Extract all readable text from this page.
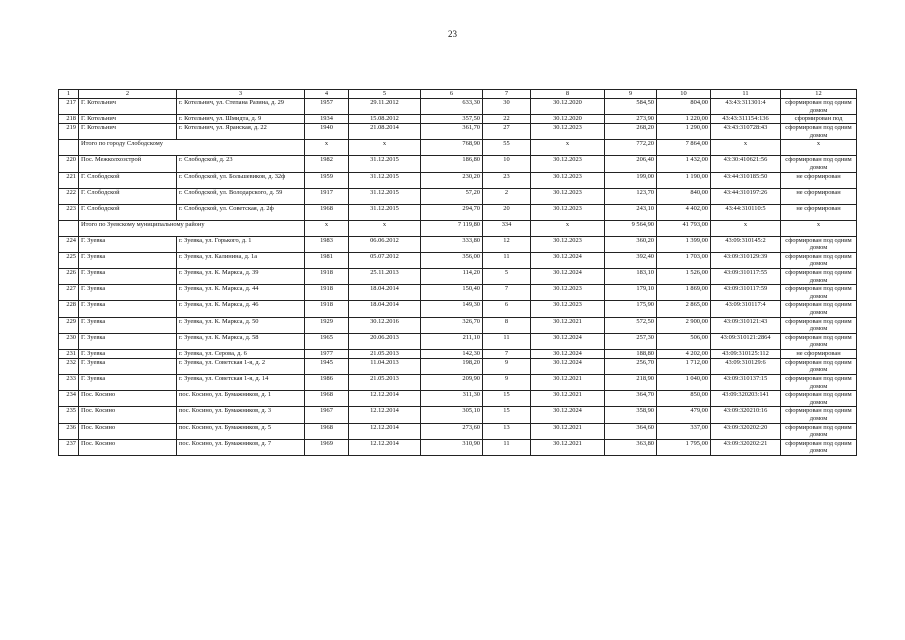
23
1	2	3	4	5	6	7	8	9	10	11	12
217	Г. Котельнич	г. Котельнич, ул. Степана Разина, д. 29	1957	29.11.2012	633,30	30	30.12.2020	584,50	804,00	43:43:311301:4	сформирован под одним домом
218	Г. Котельнич	г. Котельнич, ул. Шмидта, д. 9	1934	15.08.2012	357,50	22	30.12.2020	273,90	1 220,00	43:43:311154:136	сформирован под
219	Г. Котельнич	г. Котельнич, ул. Яранская, д. 22	1940	21.08.2014	361,70	27	30.12.2023	268,20	1 290,00	43:43:310728:43	сформирован под одним домом
	Итого по городу Слободскому		x	x	768,90	55	x	772,20	7 864,00	x	x
220	Пос. Межколхозстрой	г. Слободской, д. 23	1982	31.12.2015	186,80	10	30.12.2023	206,40	1 432,00	43:30:410621:56	сформирован под одним домом
221	Г. Слободской	г. Слободской, ул. Большевиков, д. 32ф	1959	31.12.2015	230,20	23	30.12.2023	199,00	1 190,00	43:44:310185:50	не сформирован
222	Г. Слободской	г. Слободской, ул. Володарского, д. 59	1917	31.12.2015	57,20	2	30.12.2023	123,70	840,00	43:44:310197:26	не сформирован
223	Г. Слободской	г. Слободской, ул. Советская, д. 2ф	1968	31.12.2015	294,70	20	30.12.2023	243,10	4 402,00	43:44:310110:5	не сформирован
	Итого по Зуевскому муниципальному району		x	x	7 119,80	334	x	9 564,90	41 793,00	x	x
224	Г. Зуевка	г. Зуевка, ул. Горького, д. 1	1983	06.06.2012	333,80	12	30.12.2023	360,20	1 399,00	43:09:310145:2	сформирован под одним домом
225	Г. Зуевка	г. Зуевка, ул. Калинина, д. 1а	1981	05.07.2012	356,00	11	30.12.2024	392,40	1 703,00	43:09:310129:39	сформирован под одним домом
226	Г. Зуевка	г. Зуевка, ул. К. Маркса, д. 39	1918	25.11.2013	114,20	5	30.12.2024	183,10	1 526,00	43:09:310117:55	сформирован под одним домом
227	Г. Зуевка	г. Зуевка, ул. К. Маркса, д. 44	1918	18.04.2014	150,40	7	30.12.2023	179,10	1 869,00	43:09:310117:59	сформирован под одним домом
228	Г. Зуевка	г. Зуевка, ул. К. Маркса, д. 46	1918	18.04.2014	149,30	6	30.12.2023	175,90	2 865,00	43:09:310117:4	сформирован под одним домом
229	Г. Зуевка	г. Зуевка, ул. К. Маркса, д. 50	1929	30.12.2016	326,70	8	30.12.2021	572,50	2 900,00	43:09:310121:43	сформирован под одним домом
230	Г. Зуевка	г. Зуевка, ул. К. Маркса, д. 58	1965	20.06.2013	211,10	11	30.12.2024	257,30	506,00	43:09:310121:2864	сформирован под одним домом
231	Г. Зуевка	г. Зуевка, ул. Серова, д. 6	1977	21.05.2013	142,30	7	30.12.2024	188,80	4 202,00	43:09:310125:112	не сформирован
232	Г. Зуевка	г. Зуевка, ул. Советская 1-я, д. 2	1945	11.04.2013	198,20	9	30.12.2024	256,70	1 712,00	43:09:310129:6	сформирован под одним домом
233	Г. Зуевка	г. Зуевка, ул. Советская 1-я, д. 14	1986	21.05.2013	209,90	9	30.12.2021	218,90	1 040,00	43:09:310137:15	сформирован под одним домом
234	Пос. Косино	пос. Косино, ул. Бумажников, д. 1	1968	12.12.2014	311,30	15	30.12.2021	364,70	850,00	43:09:320203:141	сформирован под одним домом
235	Пос. Косино	пос. Косино, ул. Бумажников, д. 3	1967	12.12.2014	305,10	15	30.12.2024	358,90	479,00	43:09:320210:16	сформирован под одним домом
236	Пос. Косино	пос. Косино, ул. Бумажников, д. 5	1968	12.12.2014	273,60	13	30.12.2021	364,60	337,00	43:09:320202:20	сформирован под одним домом
237	Пос. Косино	пос. Косино, ул. Бумажников, д. 7	1969	12.12.2014	310,90	11	30.12.2021	363,80	1 795,00	43:09:320202:21	сформирован под одним домом
